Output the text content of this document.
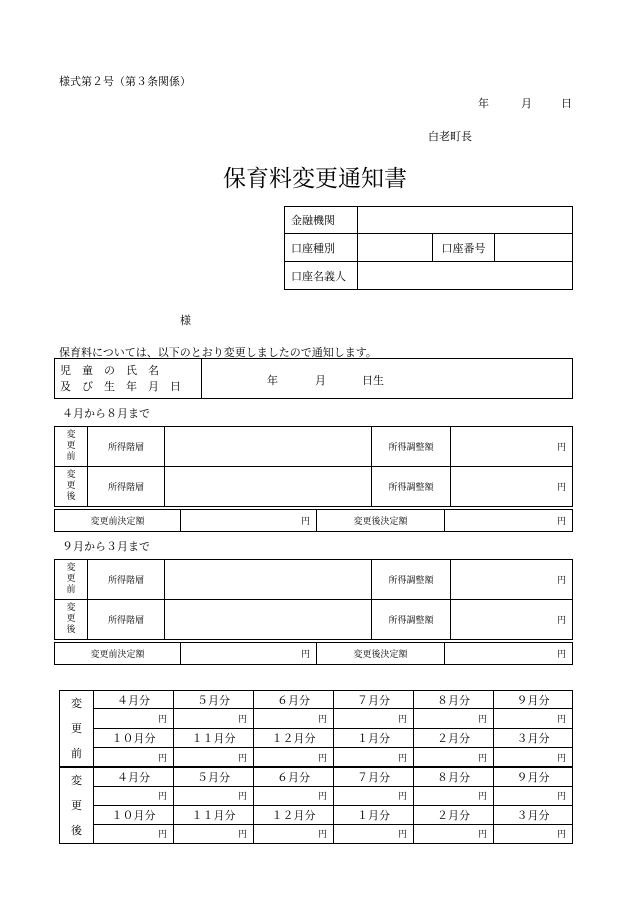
様式第２号（第３条関係）
年	月	日
白老町長
保育料変更通知書
金融機関			
口座種別		口座番号	
口座名義人			
様
保育料については、以下のとおり変更しましたので通知します。
児　童　の　氏　名
及　び　生　年　月　日	年	月	日生
４月から８月まで
変
更
前	所得階層		所得調整額	円
変
更
後	所得階層		所得調整額	円
変更前決定額	円	変更後決定額	円
９月から３月まで
変
更
前	所得階層		所得調整額	円
変
更
後	所得階層		所得調整額	円
変更前決定額	円	変更後決定額	円
変
更
前	４月分	５月分	６月分	７月分	８月分	９月分
	円	円	円	円	円	円
	１０月分	１１月分	１２月分	１月分	２月分	３月分
	円	円	円	円	円	円

変
更
後	４月分	５月分	６月分	７月分	８月分	９月分
	円	円	円	円	円	円
	１０月分	１１月分	１２月分	１月分	２月分	３月分
	円	円	円	円	円	円
